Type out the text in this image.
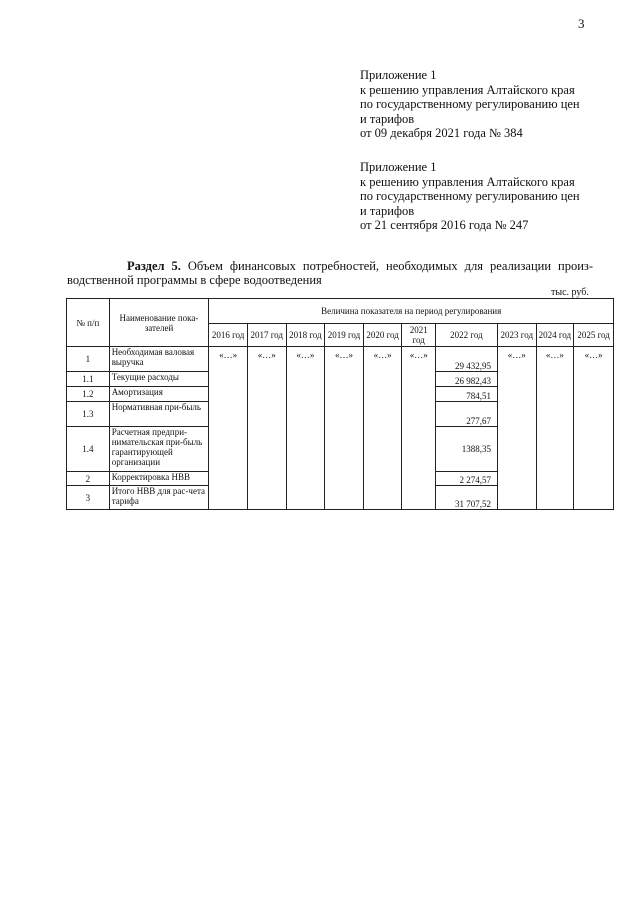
3
Приложение 1
к решению управления Алтайского края
по государственному регулированию цен
и тарифов
от 09 декабря 2021 года № 384
Приложение 1
к решению управления Алтайского края
по государственному регулированию цен
и тарифов
от 21 сентября 2016 года № 247
Раздел 5. Объем финансовых потребностей, необходимых для реализации произ-
водственной программы в сфере водоотведения
тыс. руб.
№ п/п	Наименование пока-зателей	Величина показателя на период регулирования									
		2016 год	2017 год	2018 год	2019 год	2020 год	2021 год	2022 год	2023 год	2024 год	2025 год
1	Необходимая валовая выручка	«…»	«…»	«…»	«…»	«…»	«…»	29 432,95	«…»	«…»	«…»
1.1	Текущие расходы							26 982,43			
1.2	Амортизация							784,51			
1.3	Нормативная при-быль							277,67			
1.4	Расчетная предпри-нимательская при-быль гарантирующей организации							1388,35			
2	Корректировка НВВ							2 274,57			
3	Итого НВВ для рас-чета тарифа							31 707,52			
